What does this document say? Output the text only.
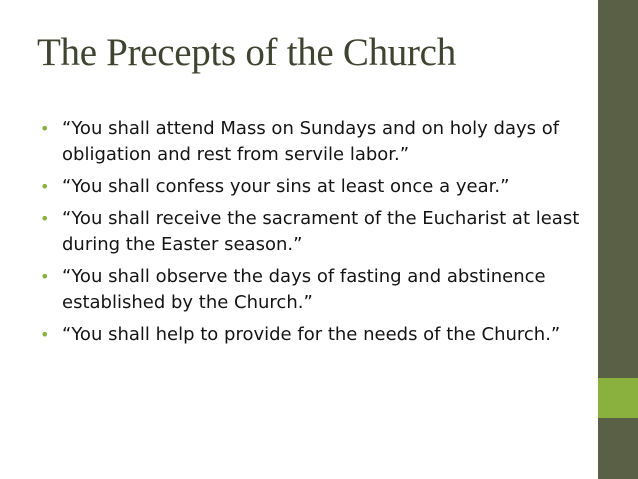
The Precepts of the Church
• “You shall attend Mass on Sundays and on holy days of obligation and rest from servile labor.”
• “You shall confess your sins at least once a year.”
• “You shall receive the sacrament of the Eucharist at least during the Easter season.”
• “You shall observe the days of fasting and abstinence established by the Church.”
• “You shall help to provide for the needs of the Church.”
